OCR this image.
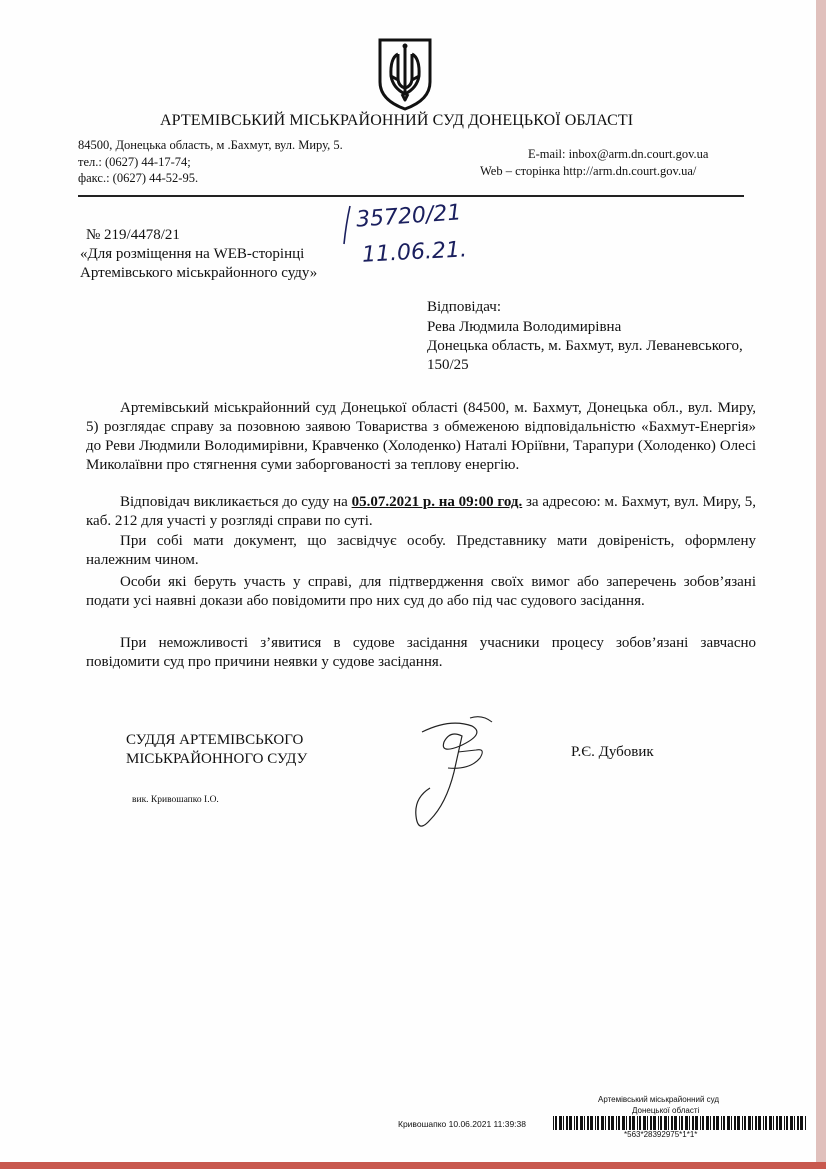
АРТЕМІВСЬКИЙ МІСЬКРАЙОННИЙ СУД ДОНЕЦЬКОЇ ОБЛАСТІ
84500, Донецька область, м .Бахмут, вул. Миру, 5.
тел.: (0627) 44-17-74;
факс.: (0627) 44-52-95.
E-mail: inbox@arm.dn.court.gov.ua
Web – сторінка http://arm.dn.court.gov.ua/
№ 219/4478/21
«Для розміщення на WEB-сторінці
Артемівського міськрайонного суду»
35720/21
11.06.21.
Відповідач:
Рева Людмила Володимирівна
Донецька область, м. Бахмут, вул. Леваневського,
150/25
Артемівський міськрайонний суд Донецької області (84500, м. Бахмут, Донецька обл., вул. Миру, 5) розглядає справу за позовною заявою Товариства з обмеженою відповідальністю «Бахмут-Енергія» до Реви Людмили Володимирівни, Кравченко (Холоденко) Наталі Юріївни, Тарапури (Холоденко) Олесі Миколаївни про стягнення суми заборгованості за теплову енергію.
Відповідач викликається до суду на 05.07.2021 р. на 09:00 год. за адресою: м. Бахмут, вул. Миру, 5, каб. 212 для участі у розгляді справи по суті.
При собі мати документ, що засвідчує особу. Представнику мати довіреність, оформлену належним чином.
Особи які беруть участь у справі, для підтвердження своїх вимог або заперечень зобов’язані подати усі наявні докази або повідомити про них суд до або під час судового засідання.
При неможливості з’явитися в судове засідання учасники процесу зобов’язані завчасно повідомити суд про причини неявки у судове засідання.
СУДДЯ АРТЕМІВСЬКОГО
МІСЬКРАЙОННОГО СУДУ	Р.Є. Дубовик
вик. Кривошапко І.О.
Артемівський міськрайонний суд
Донецької області
Кривошапко 10.06.2021 11:39:38
*563*28392975*1*1*
